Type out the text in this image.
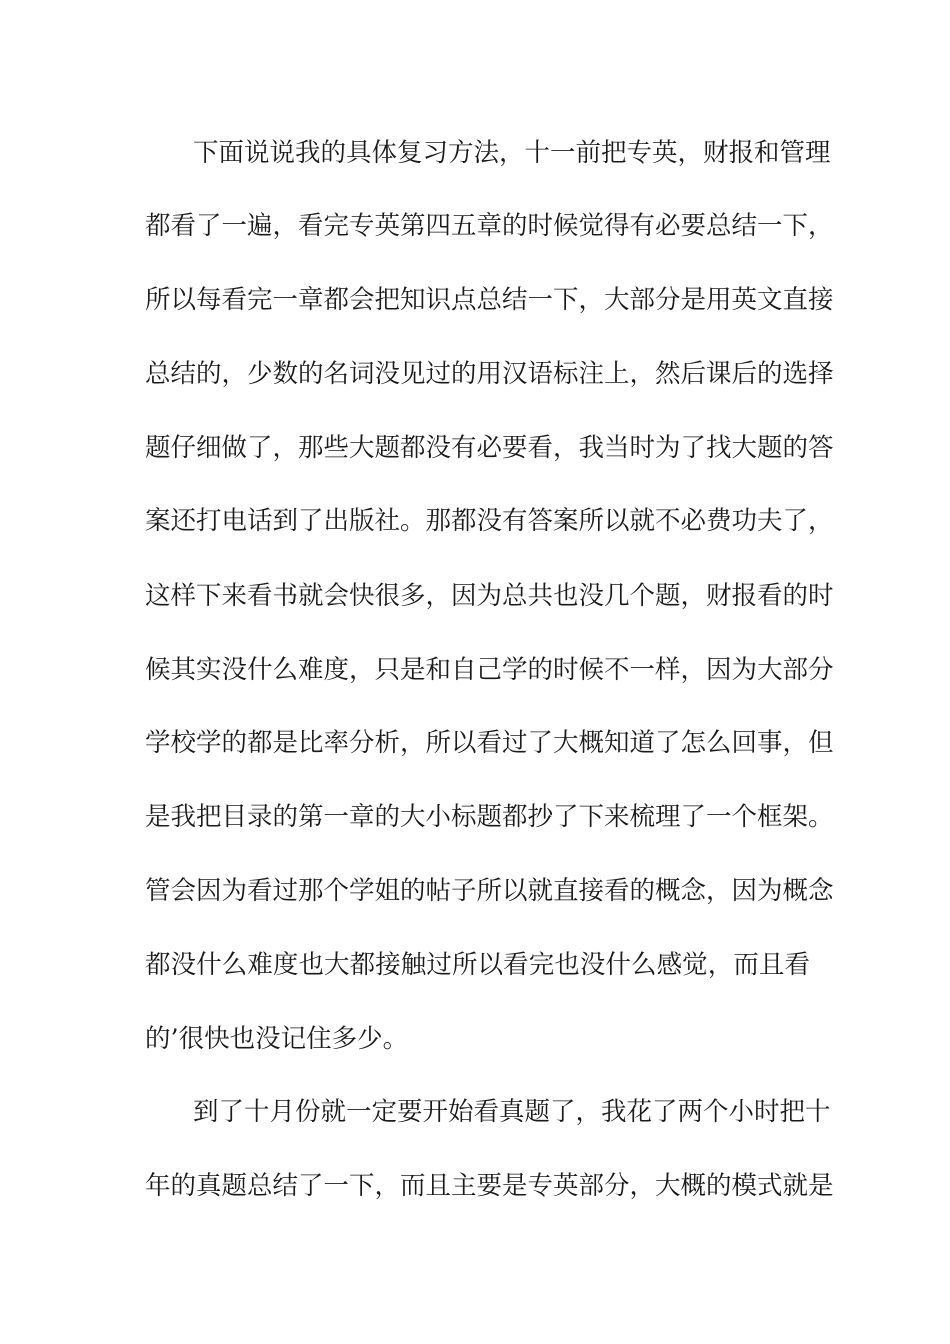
下面说说我的具体复习方法，十一前把专英，财报和管理
都看了一遍，看完专英第四五章的时候觉得有必要总结一下，
所以每看完一章都会把知识点总结一下，大部分是用英文直接
总结的，少数的名词没见过的用汉语标注上，然后课后的选择
题仔细做了，那些大题都没有必要看，我当时为了找大题的答
案还打电话到了出版社。那都没有答案所以就不必费功夫了，
这样下来看书就会快很多，因为总共也没几个题，财报看的时
候其实没什么难度，只是和自己学的时候不一样，因为大部分
学校学的都是比率分析，所以看过了大概知道了怎么回事，但
是我把目录的第一章的大小标题都抄了下来梳理了一个框架。
管会因为看过那个学姐的帖子所以就直接看的概念，因为概念
都没什么难度也大都接触过所以看完也没什么感觉，而且看
的’很快也没记住多少。
到了十月份就一定要开始看真题了，我花了两个小时把十
年的真题总结了一下，而且主要是专英部分，大概的模式就是
